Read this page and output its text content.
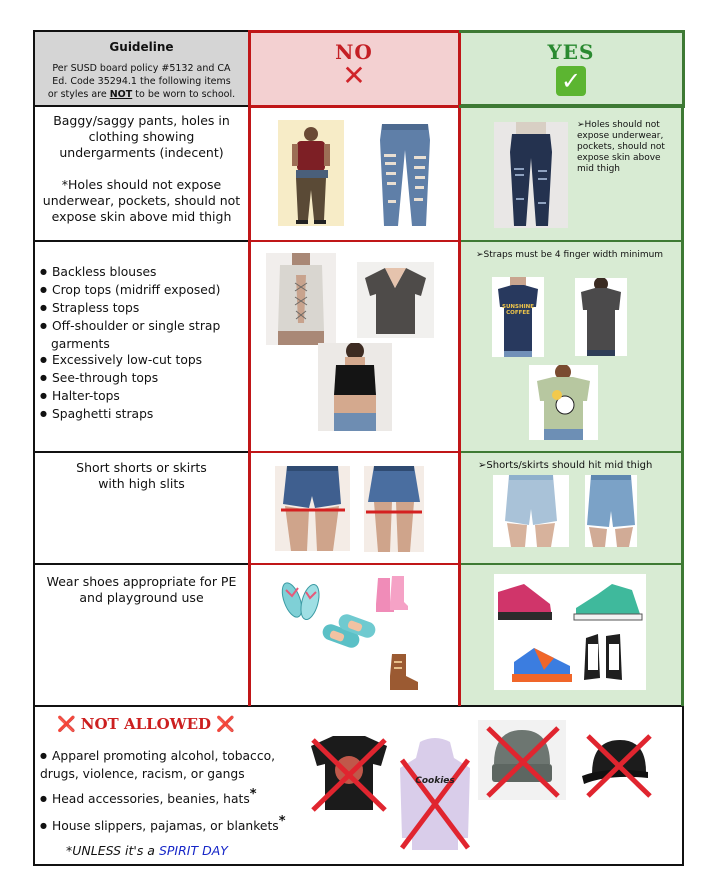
Guideline
Per SUSD board policy #5132 and CA
Ed. Code 35294.1 the following items
or styles are NOT to be worn to school.
NO
✕
YES
✓
Baggy/saggy pants, holes in
clothing showing
undergarments (indecent)
*Holes should not expose
underwear, pockets, should not
expose skin above mid thigh
➢Holes should not expose underwear, pockets, should not expose skin above mid thigh
● Backless blouses
● Crop tops (midriff exposed)
● Strapless tops
● Off-shoulder or single strap garments
● Excessively low-cut tops
● See-through tops
● Halter-tops
● Spaghetti straps
➢Straps must be 4 finger width minimum
SUNSHINE
COFFEE
Short shorts or skirts
with high slits
➢Shorts/skirts should hit mid thigh
Wear shoes appropriate for PE
and playground use
❌ NOT ALLOWED ❌
● Apparel promoting alcohol, tobacco, drugs, violence, racism, or gangs
● Head accessories, beanies, hats*
● House slippers, pajamas, or blankets*
*UNLESS it's a SPIRIT DAY
Cookies
